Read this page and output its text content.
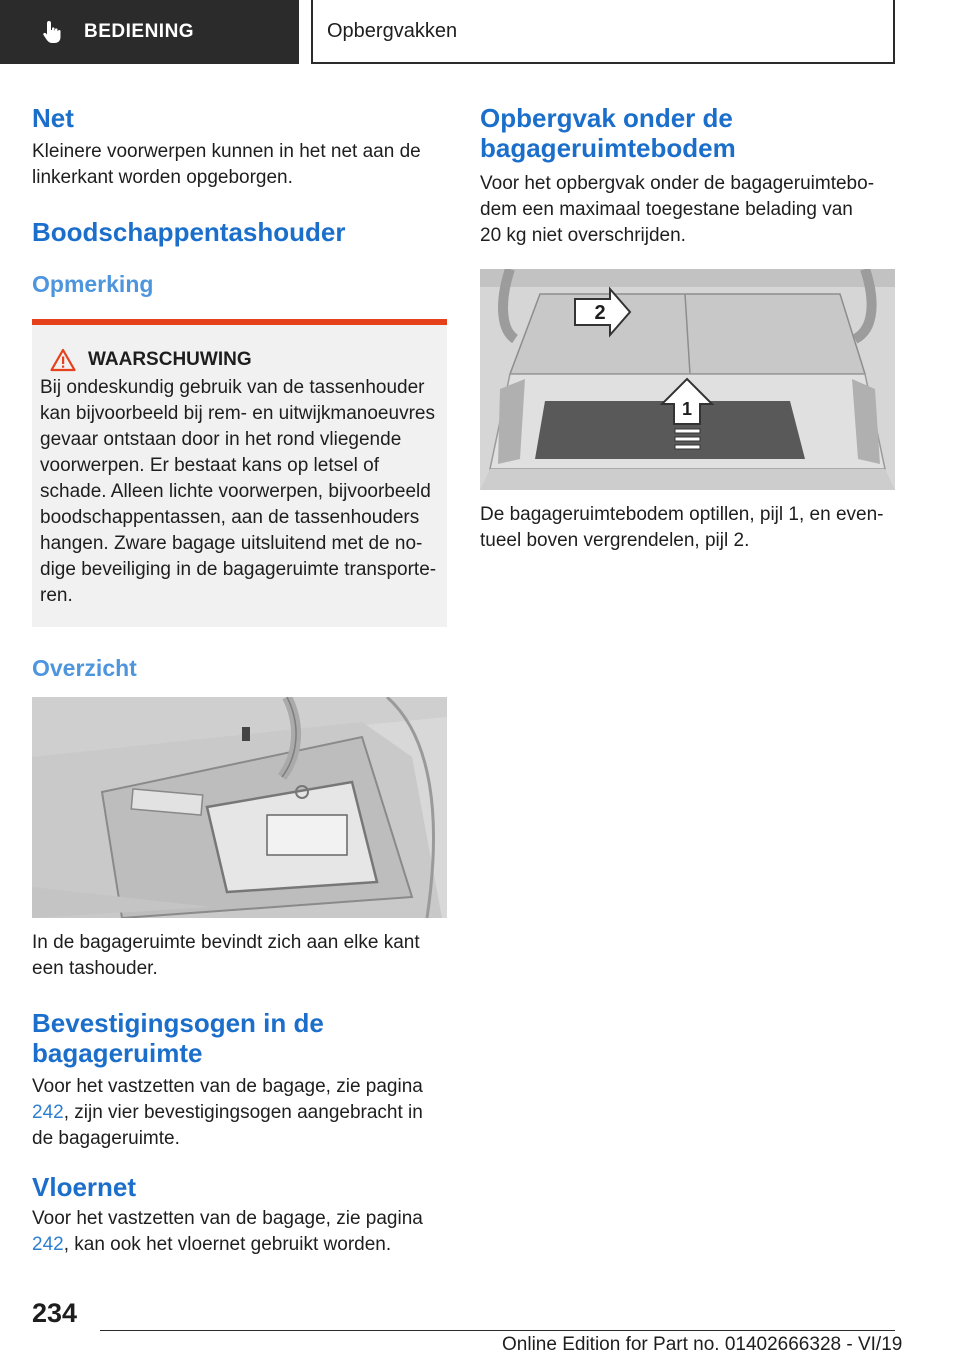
BEDIENING	Opbergvakken
Net

Kleinere voorwerpen kunnen in het net aan de linkerkant worden opgeborgen.

Boodschappentashouder
Opmerking
WAARSCHUWING

Bij ondeskundig gebruik van de tassenhouder kan bijvoorbeeld bij rem- en uitwijkmanoeuvres gevaar ontstaan door in het rond vliegende voorwerpen. Er bestaat kans op letsel of schade. Alleen lichte voorwerpen, bijvoorbeeld boodschappentassen, aan de tassenhouders hangen. Zware bagage uitsluitend met de nodige beveiliging in de bagageruimte transporteren.

Overzicht

In de bagageruimte bevindt zich aan elke kant een tashouder.

Bevestigingsogen in de bagageruimte

Voor het vastzetten van de bagage, zie pagina 242, zijn vier bevestigingsogen aangebracht in de bagageruimte.

Vloernet

Voor het vastzetten van de bagage, zie pagina 242, kan ook het vloernet gebruikt worden.

Opbergvak onder de bagageruimtebodem

Voor het opbergvak onder de bagageruimtebodem een maximaal toegestane belading van 20 kg niet overschrijden.

1
2

De bagageruimtebodem optillen, pijl 1, en eventueel boven vergrendelen, pijl 2.

234
Online Edition for Part no. 01402666328 - VI/19
